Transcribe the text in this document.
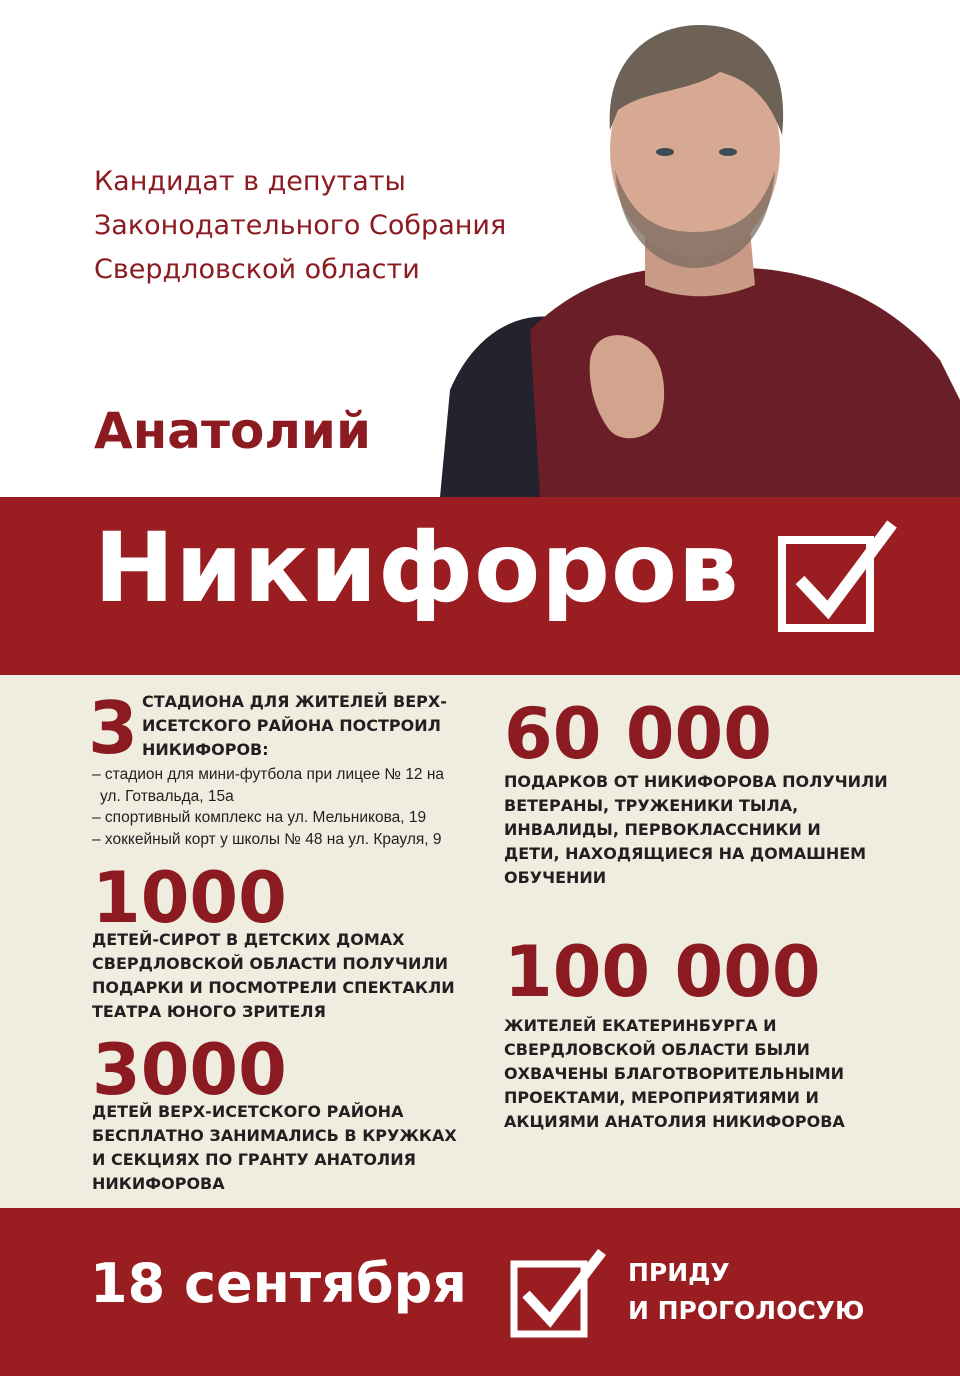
Кандидат в депутаты
Законодательного Собрания
Свердловской области
Анатолий
Никифоров

3 СТАДИОНА ДЛЯ ЖИТЕЛЕЙ ВЕРХ-
ИСЕТСКОГО РАЙОНА ПОСТРОИЛ
НИКИФОРОВ:
– стадион для мини-футбола при лицее № 12 на
ул. Готвальда, 15а
– спортивный комплекс на ул. Мельникова, 19
– хоккейный корт у школы № 48 на ул. Крауля, 9
60 000
ПОДАРКОВ ОТ НИКИФОРОВА ПОЛУЧИЛИ
ВЕТЕРАНЫ, ТРУЖЕНИКИ ТЫЛА,
ИНВАЛИДЫ, ПЕРВОКЛАССНИКИ И
ДЕТИ, НАХОДЯЩИЕСЯ НА ДОМАШНЕМ
ОБУЧЕНИИ
1000
ДЕТЕЙ-СИРОТ В ДЕТСКИХ ДОМАХ
СВЕРДЛОВСКОЙ ОБЛАСТИ ПОЛУЧИЛИ
ПОДАРКИ И ПОСМОТРЕЛИ СПЕКТАКЛИ
ТЕАТРА ЮНОГО ЗРИТЕЛЯ	100 000
ЖИТЕЛЕЙ ЕКАТЕРИНБУРГА И
СВЕРДЛОВСКОЙ ОБЛАСТИ БЫЛИ
ОХВАЧЕНЫ БЛАГОТВОРИТЕЛЬНЫМИ
ПРОЕКТАМИ, МЕРОПРИЯТИЯМИ И
АКЦИЯМИ АНАТОЛИЯ НИКИФОРОВА
3000
ДЕТЕЙ ВЕРХ-ИСЕТСКОГО РАЙОНА
БЕСПЛАТНО ЗАНИМАЛИСЬ В КРУЖКАХ
И СЕКЦИЯХ ПО ГРАНТУ АНАТОЛИЯ
НИКИФОРОВА
18 сентября	ПРИДУ
И ПРОГОЛОСУЮ
